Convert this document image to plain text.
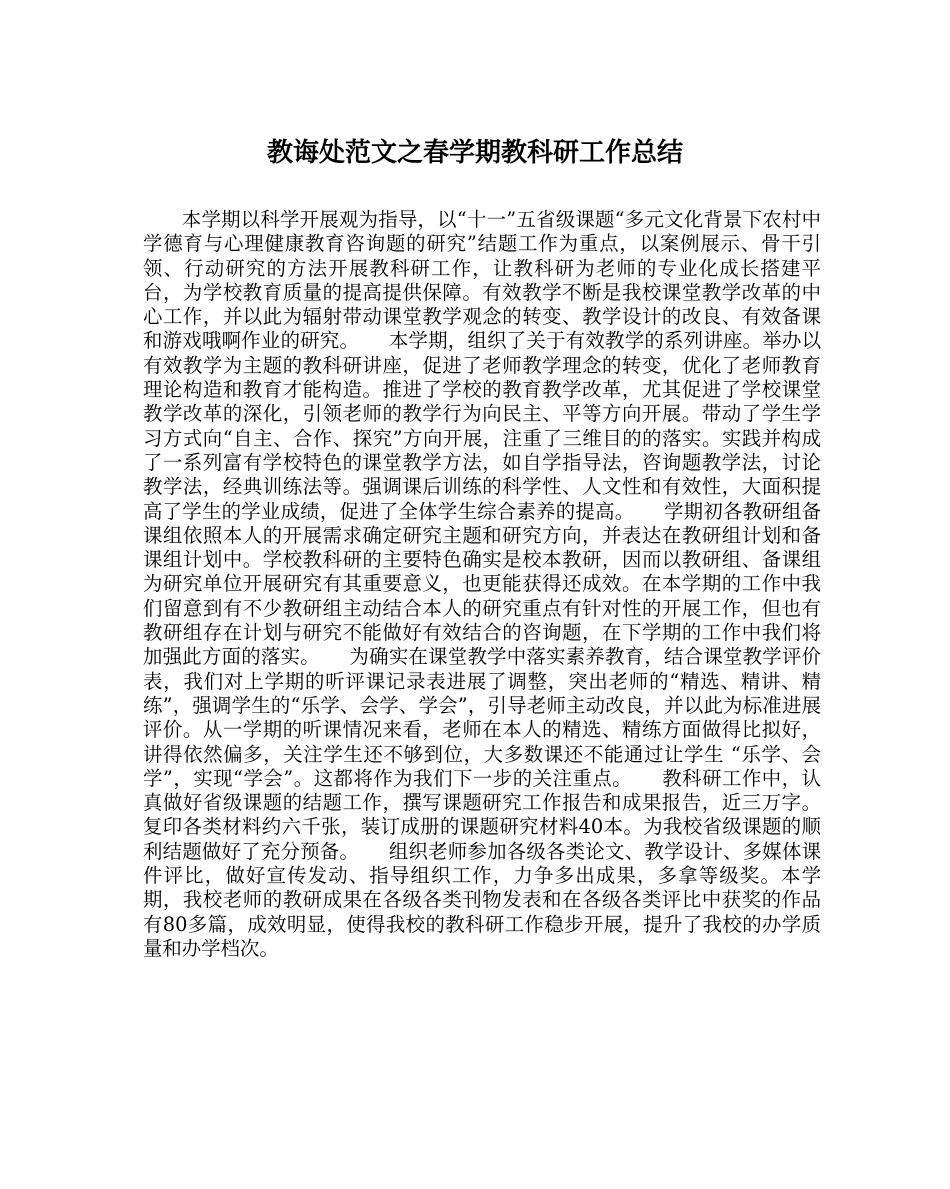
教诲处范文之春学期教科研工作总结

本学期以科学开展观为指导，以“十一”五省级课题“多元文化背景下农村中学德育与心理健康教育咨询题的研究”结题工作为重点，以案例展示、骨干引领、行动研究的方法开展教科研工作，让教科研为老师的专业化成长搭建平台，为学校教育质量的提高提供保障。有效教学不断是我校课堂教学改革的中心工作，并以此为辐射带动课堂教学观念的转变、教学设计的改良、有效备课和游戏哦啊作业的研究。　　本学期，组织了关于有效教学的系列讲座。举办以有效教学为主题的教科研讲座，促进了老师教学理念的转变，优化了老师教育理论构造和教育才能构造。推进了学校的教育教学改革，尤其促进了学校课堂教学改革的深化，引领老师的教学行为向民主、平等方向开展。带动了学生学习方式向“自主、合作、探究”方向开展，注重了三维目的的落实。实践并构成了一系列富有学校特色的课堂教学方法，如自学指导法，咨询题教学法，讨论教学法，经典训练法等。强调课后训练的科学性、人文性和有效性，大面积提高了学生的学业成绩，促进了全体学生综合素养的提高。　　学期初各教研组备课组依照本人的开展需求确定研究主题和研究方向，并表达在教研组计划和备课组计划中。学校教科研的主要特色确实是校本教研，因而以教研组、备课组为研究单位开展研究有其重要意义，也更能获得还成效。在本学期的工作中我们留意到有不少教研组主动结合本人的研究重点有针对性的开展工作，但也有教研组存在计划与研究不能做好有效结合的咨询题，在下学期的工作中我们将加强此方面的落实。　　为确实在课堂教学中落实素养教育，结合课堂教学评价表，我们对上学期的听评课记录表进展了调整，突出老师的“精选、精讲、精练”，强调学生的“乐学、会学、学会”，引导老师主动改良，并以此为标准进展评价。从一学期的听课情况来看，老师在本人的精选、精练方面做得比拟好，讲得依然偏多，关注学生还不够到位，大多数课还不能通过让学生 “乐学、会学”，实现“学会”。这都将作为我们下一步的关注重点。　　教科研工作中，认真做好省级课题的结题工作，撰写课题研究工作报告和成果报告，近三万字。复印各类材料约六千张，装订成册的课题研究材料40本。为我校省级课题的顺利结题做好了充分预备。　　组织老师参加各级各类论文、教学设计、多媒体课件评比，做好宣传发动、指导组织工作，力争多出成果，多拿等级奖。本学期，我校老师的教研成果在各级各类刊物发表和在各级各类评比中获奖的作品有80多篇，成效明显，使得我校的教科研工作稳步开展，提升了我校的办学质量和办学档次。
